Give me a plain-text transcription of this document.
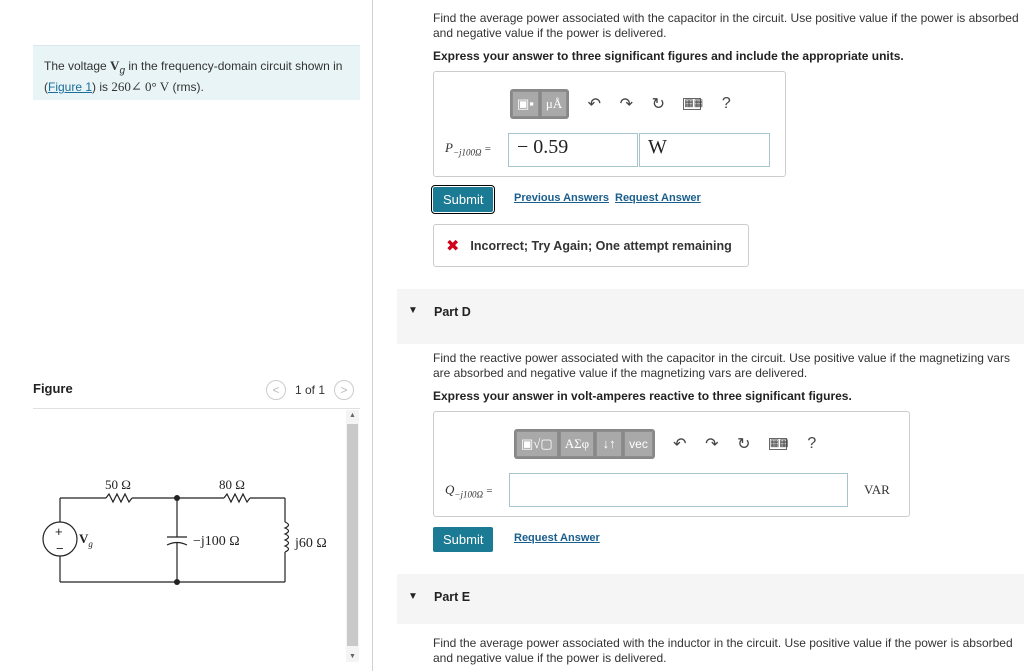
The voltage $V_g$ in the frequency-domain circuit shown in
(Figure 1) is 260∠ 0° V (rms).
Figure	<	1 of 1	>
+
−
$V_g$
50 Ω	80 Ω
−j100 Ω	j60 Ω
▲
▼
Find the average power associated with the capacitor in the circuit. Use positive value if the power is absorbed and negative value if the power is delivered.
Express your answer to three significant figures and include the appropriate units.
▣▪ μÅ ↶ ↷ ↻ ▦▦ ?
$P_{-j100\Omega}$ =	− 0.59	W
Submit	Previous Answers Request Answer
✖ Incorrect; Try Again; One attempt remaining
▼ Part D
Find the reactive power associated with the capacitor in the circuit. Use positive value if the magnetizing vars are absorbed and negative value if the magnetizing vars are delivered.
Express your answer in volt-amperes reactive to three significant figures.
▣√▢ ΑΣφ ↓↑ vec ↶ ↷ ↻ ▦▦ ?
$Q_{-j100\Omega}$ =	VAR
Submit	Request Answer
▼ Part E
Find the average power associated with the inductor in the circuit. Use positive value if the power is absorbed and negative value if the power is delivered.
